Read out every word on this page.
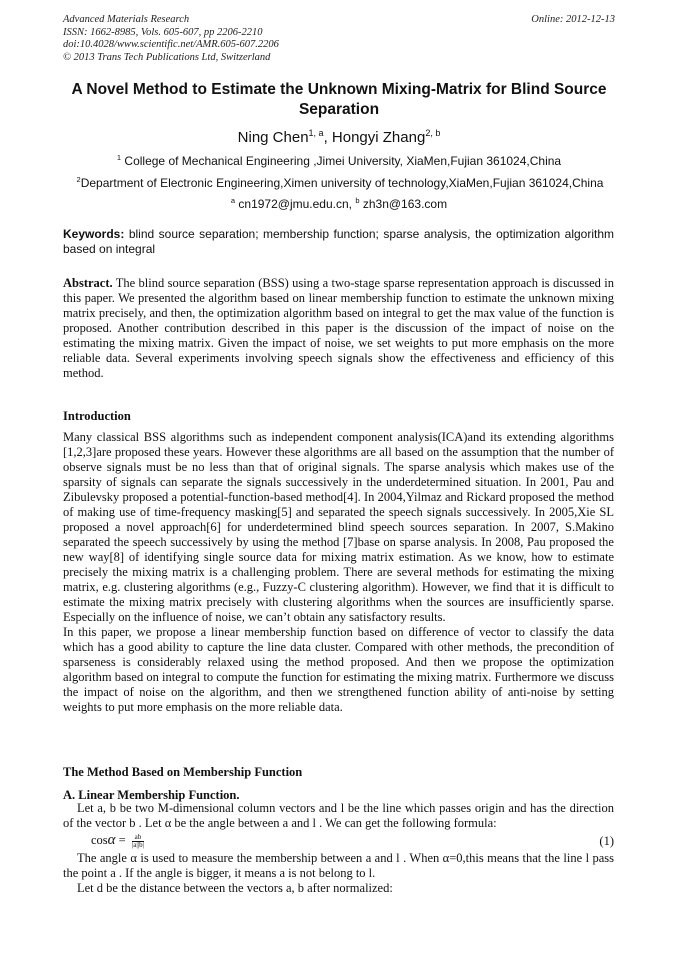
Advanced Materials Research
ISSN: 1662-8985, Vols. 605-607, pp 2206-2210
doi:10.4028/www.scientific.net/AMR.605-607.2206
© 2013 Trans Tech Publications Ltd, Switzerland
Online: 2012-12-13
A Novel Method to Estimate the Unknown Mixing-Matrix for Blind Source
Separation
Ning Chen$^{1, a}$, Hongyi Zhang$^{2, b}$
$^1$ College of Mechanical Engineering ,Jimei University, XiaMen,Fujian 361024,China
$^2$Department of Electronic Engineering,Ximen university of technology,XiaMen,Fujian 361024,China
$^a$ cn1972@jmu.edu.cn, $^b$ zh3n@163.com
Keywords: blind source separation; membership function; sparse analysis, the optimization algorithm based on integral
Abstract. The blind source separation (BSS) using a two-stage sparse representation approach is discussed in this paper. We presented the algorithm based on linear membership function to estimate the unknown mixing matrix precisely, and then, the optimization algorithm based on integral to get the max value of the function is proposed. Another contribution described in this paper is the discussion of the impact of noise on the estimating the mixing matrix. Given the impact of noise, we set weights to put more emphasis on the more reliable data. Several experiments involving speech signals show the effectiveness and efficiency of this method.
Introduction

Many classical BSS algorithms such as independent component analysis(ICA)and its extending algorithms [1,2,3]are proposed these years. However these algorithms are all based on the assumption that the number of observe signals must be no less than that of original signals. The sparse analysis which makes use of the sparsity of signals can separate the signals successively in the underdetermined situation. In 2001, Pau and Zibulevsky proposed a potential-function-based method[4]. In 2004,Yilmaz and Rickard proposed the method of making use of time-frequency masking[5] and separated the speech signals successively. In 2005,Xie SL proposed a novel approach[6] for underdetermined blind speech sources separation. In 2007, S.Makino separated the speech successively by using the method [7]base on sparse analysis. In 2008, Pau proposed the new way[8] of identifying single source data for mixing matrix estimation. As we know, how to estimate precisely the mixing matrix is a challenging problem. There are several methods for estimating the mixing matrix, e.g. clustering algorithms (e.g., Fuzzy-C clustering algorithm). However, we find that it is difficult to estimate the mixing matrix precisely with clustering algorithms when the sources are insufficiently sparse. Especially on the influence of noise, we can’t obtain any satisfactory results.

In this paper, we propose a linear membership function based on difference of vector to classify the data which has a good ability to capture the line data cluster. Compared with other methods, the precondition of sparseness is considerably relaxed using the method proposed. And then we propose the optimization algorithm based on integral to compute the function for estimating the mixing matrix. Furthermore we discuss the impact of noise on the algorithm, and then we strengthened function ability of anti-noise by setting weights to put more emphasis on the more reliable data.

The Method Based on Membership Function
A. Linear Membership Function.
Let a, b be two M-dimensional column vectors and l be the line which passes origin and has the direction of the vector b . Let α be the angle between a and l . We can get the following formula:
$\cos\alpha = \frac{ab}{|a||b|}$	(1)
The angle α is used to measure the membership between a and l . When α=0,this means that the line l pass the point a . If the angle is bigger, it means a is not belong to l.
Let d be the distance between the vectors a, b after normalized:
